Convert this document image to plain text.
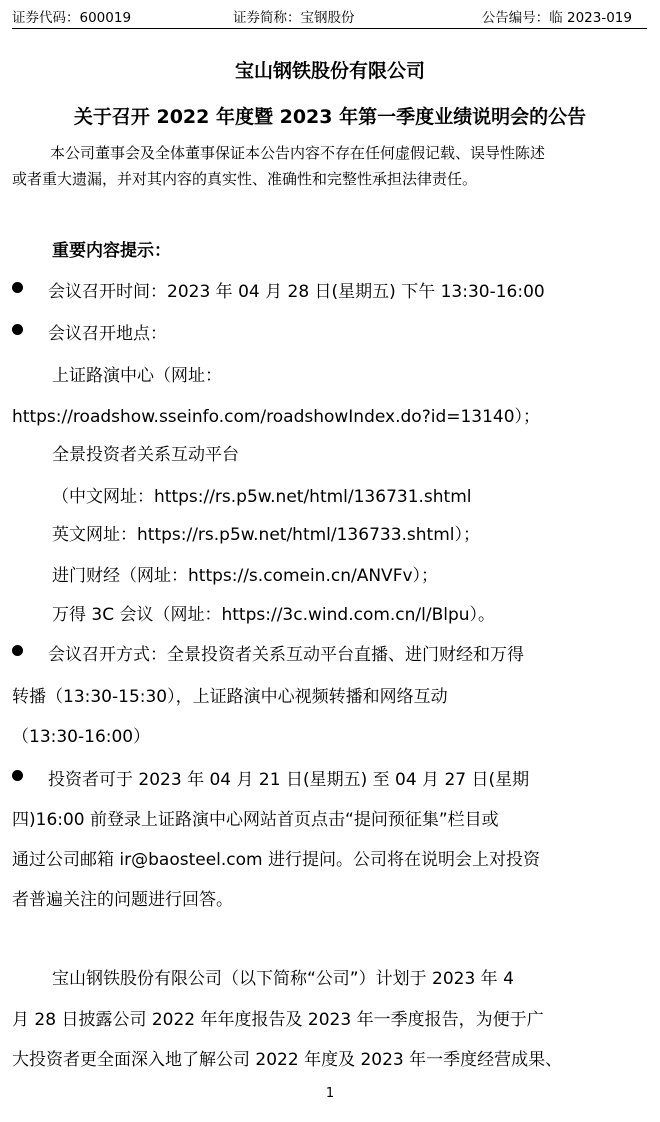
证券代码：600019	证券简称：宝钢股份	公告编号：临 2023-019
宝山钢铁股份有限公司
关于召开 2022 年度暨 2023 年第一季度业绩说明会的公告
本公司董事会及全体董事保证本公告内容不存在任何虚假记载、误导性陈述
或者重大遗漏，并对其内容的真实性、准确性和完整性承担法律责任。
重要内容提示：
会议召开时间：2023 年 04 月 28 日(星期五) 下午 13:30-16:00
会议召开地点：
上证路演中心（网址：
https://roadshow.sseinfo.com/roadshowIndex.do?id=13140）；
全景投资者关系互动平台
（中文网址：https://rs.p5w.net/html/136731.shtml
英文网址：https://rs.p5w.net/html/136733.shtml）；
进门财经（网址：https://s.comein.cn/ANVFv）；
万得 3C 会议（网址：https://3c.wind.com.cn/l/Blpu）。
会议召开方式：全景投资者关系互动平台直播、进门财经和万得
转播（13:30-15:30），上证路演中心视频转播和网络互动
（13:30-16:00）
投资者可于 2023 年 04 月 21 日(星期五) 至 04 月 27 日(星期
四)16:00 前登录上证路演中心网站首页点击“提问预征集”栏目或
通过公司邮箱 ir@baosteel.com 进行提问。公司将在说明会上对投资
者普遍关注的问题进行回答。
宝山钢铁股份有限公司（以下简称“公司”）计划于 2023 年 4
月 28 日披露公司 2022 年年度报告及 2023 年一季度报告，为便于广
大投资者更全面深入地了解公司 2022 年度及 2023 年一季度经营成果、
1
